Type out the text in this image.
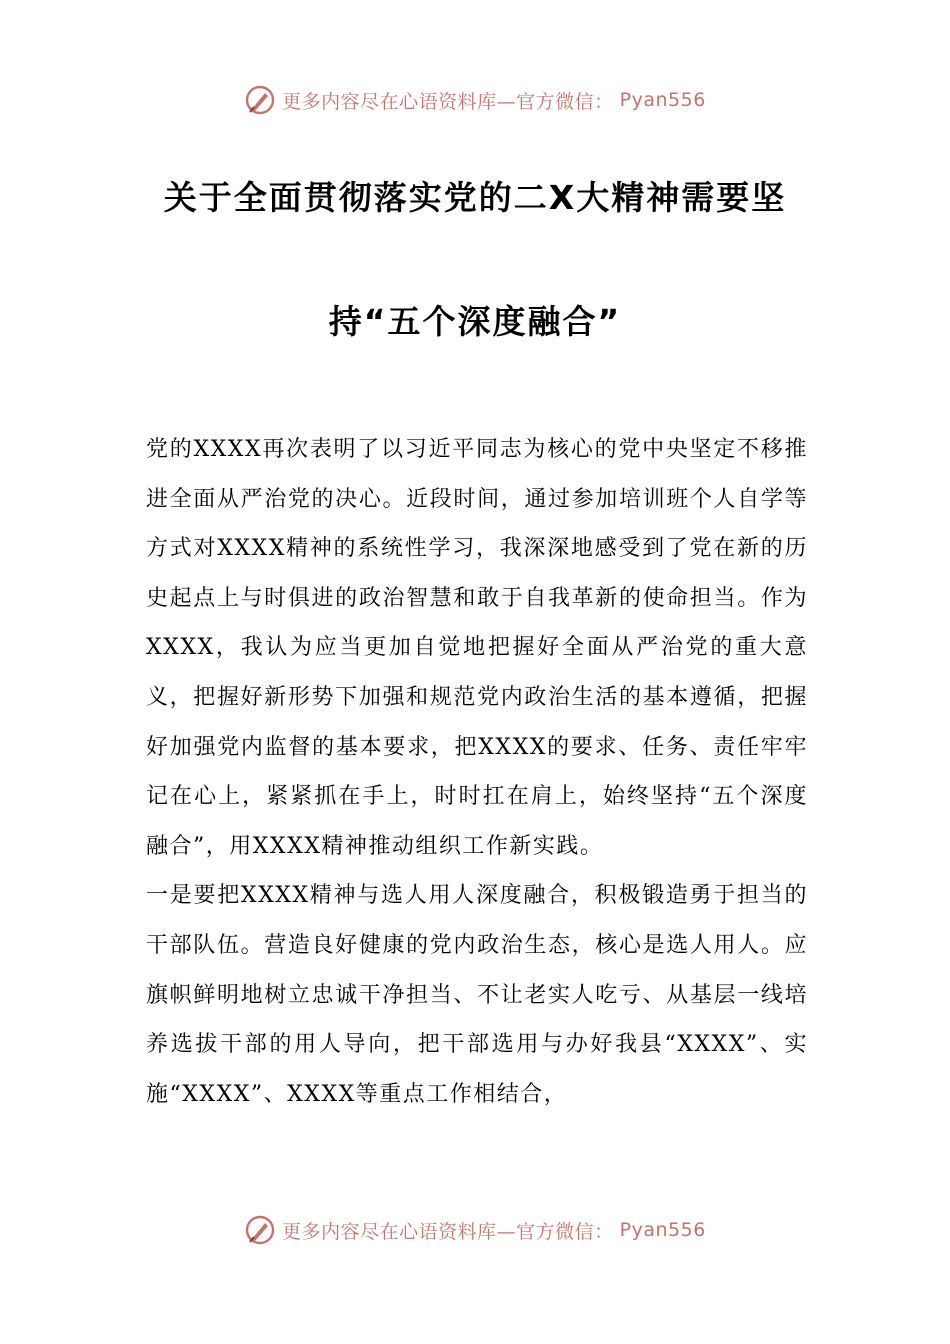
更多内容尽在心语资料库—官方微信： Pyan556
关于全面贯彻落实党的二X大精神需要坚
持“五个深度融合”

党的XXXX再次表明了以习近平同志为核心的党中央坚定不移推进全面从严治党的决心。近段时间，通过参加培训班个人自学等方式对XXXX精神的系统性学习，我深深地感受到了党在新的历史起点上与时俱进的政治智慧和敢于自我革新的使命担当。作为XXXX，我认为应当更加自觉地把握好全面从严治党的重大意义，把握好新形势下加强和规范党内政治生活的基本遵循，把握好加强党内监督的基本要求，把XXXX的要求、任务、责任牢牢记在心上，紧紧抓在手上，时时扛在肩上，始终坚持“五个深度融合”，用XXXX精神推动组织工作新实践。

一是要把XXXX精神与选人用人深度融合，积极锻造勇于担当的干部队伍。营造良好健康的党内政治生态，核心是选人用人。应旗帜鲜明地树立忠诚干净担当、不让老实人吃亏、从基层一线培养选拔干部的用人导向，把干部选用与办好我县“XXXX”、实施“XXXX”、XXXX等重点工作相结合，

更多内容尽在心语资料库—官方微信： Pyan556
